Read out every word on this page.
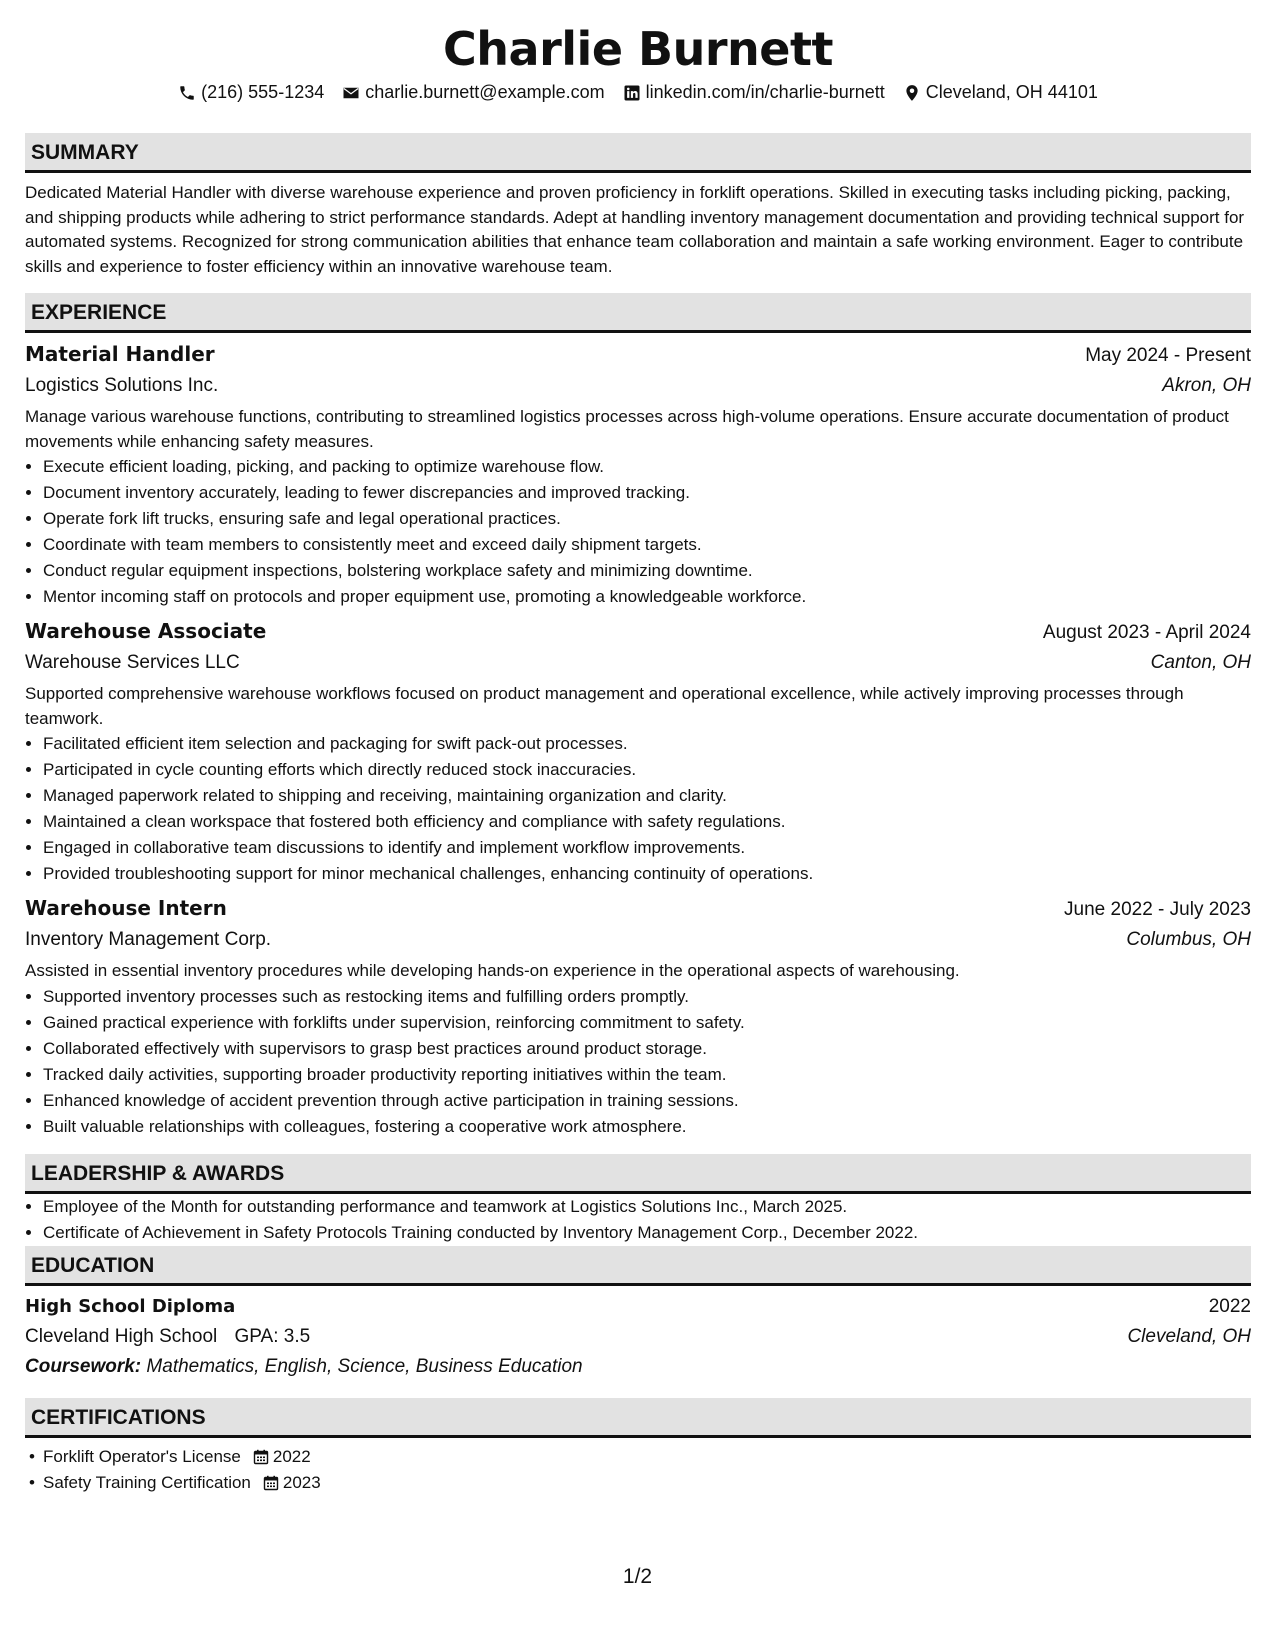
Charlie Burnett
(216) 555-1234 charlie.burnett@example.com linkedin.com/in/charlie-burnett Cleveland, OH 44101
SUMMARY
Dedicated Material Handler with diverse warehouse experience and proven proficiency in forklift operations. Skilled in executing tasks including picking, packing, and shipping products while adhering to strict performance standards. Adept at handling inventory management documentation and providing technical support for automated systems. Recognized for strong communication abilities that enhance team collaboration and maintain a safe working environment. Eager to contribute skills and experience to foster efficiency within an innovative warehouse team.
EXPERIENCE
Material Handler	May 2024 - Present
Logistics Solutions Inc.	Akron, OH
Manage various warehouse functions, contributing to streamlined logistics processes across high-volume operations. Ensure accurate documentation of product movements while enhancing safety measures.
• Execute efficient loading, picking, and packing to optimize warehouse flow.
• Document inventory accurately, leading to fewer discrepancies and improved tracking.
• Operate fork lift trucks, ensuring safe and legal operational practices.
• Coordinate with team members to consistently meet and exceed daily shipment targets.
• Conduct regular equipment inspections, bolstering workplace safety and minimizing downtime.
• Mentor incoming staff on protocols and proper equipment use, promoting a knowledgeable workforce.
Warehouse Associate	August 2023 - April 2024
Warehouse Services LLC	Canton, OH
Supported comprehensive warehouse workflows focused on product management and operational excellence, while actively improving processes through teamwork.
• Facilitated efficient item selection and packaging for swift pack-out processes.
• Participated in cycle counting efforts which directly reduced stock inaccuracies.
• Managed paperwork related to shipping and receiving, maintaining organization and clarity.
• Maintained a clean workspace that fostered both efficiency and compliance with safety regulations.
• Engaged in collaborative team discussions to identify and implement workflow improvements.
• Provided troubleshooting support for minor mechanical challenges, enhancing continuity of operations.
Warehouse Intern	June 2022 - July 2023
Inventory Management Corp.	Columbus, OH
Assisted in essential inventory procedures while developing hands-on experience in the operational aspects of warehousing.
• Supported inventory processes such as restocking items and fulfilling orders promptly.
• Gained practical experience with forklifts under supervision, reinforcing commitment to safety.
• Collaborated effectively with supervisors to grasp best practices around product storage.
• Tracked daily activities, supporting broader productivity reporting initiatives within the team.
• Enhanced knowledge of accident prevention through active participation in training sessions.
• Built valuable relationships with colleagues, fostering a cooperative work atmosphere.
LEADERSHIP & AWARDS
• Employee of the Month for outstanding performance and teamwork at Logistics Solutions Inc., March 2025.
• Certificate of Achievement in Safety Protocols Training conducted by Inventory Management Corp., December 2022.
EDUCATION
High School Diploma	2022
Cleveland High School GPA: 3.5	Cleveland, OH
Coursework: Mathematics, English, Science, Business Education
CERTIFICATIONS
• Forklift Operator's License 2022
• Safety Training Certification 2023
1/2
